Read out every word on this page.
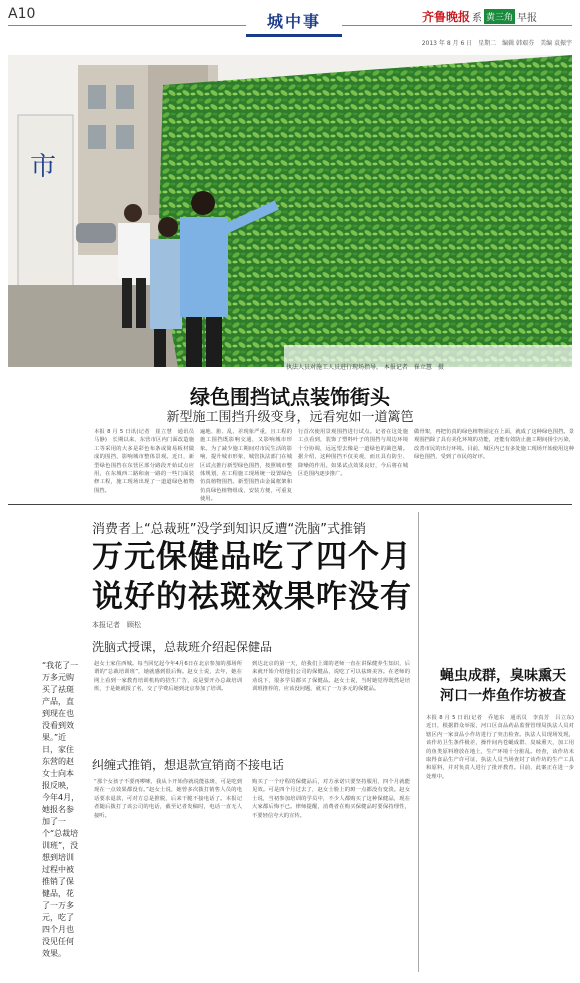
A10	城中事	齐鲁晚报 系 黄三角 早报
2013 年 8 月 6 日　星期二　编辑 韩艰芬　美编 袁振宇
市
执法人员对施工人员进行现场指导。 本报记者　崔立慧　摄
绿色围挡试点装饰街头
新型施工围挡升级变身，远看宛如一道篱笆
本报 8 月 5 日讯(记者　崔立慧　通讯员　马静)　长期以来，东营市区内门面改造施工等采用的大多是彩色布条或简易板材做成的围挡，影响城市整体景观。近日，新型绿色围挡在东营区部分路段开始试点应用，在东城西二路和南一路的一些门面装修工程，施工现场出现了一道道绿色植物围挡。
遍地、脏、乱、差现象严重，且工程的施工围挡既影响交通，又影响城市形象。为了减少施工期间对市民生活的影响，提升城市形象，城管执法部门在城区试点推行新型绿色围挡，按照城市整体规划，在工程施工现场统一设置绿色仿真植物围挡。新型围挡由金属框架和仿真绿色植物组成，安装方便，可重复使用。
行首次使用景观围挡进行试点。记者在这处施工点看到，装饰了塑料叶子的围挡与周边环境十分协调，远远望去像是一道绿色的篱笆墙。据介绍，这种围挡不仅美观，而且具有防尘、降噪的作用。如果试点效果良好，今后将在城区范围内逐步推广。
做骨架，再把仿真的绿色植物固定在上面，就成了这种绿色围挡。景观围挡除了具有美化环境的功能，还能有效防止施工期间扬尘污染，改善市民的出行环境。目前，城区内已有多处施工现场开始使用这种绿色围挡，受到了市民的好评。
消费者上“总裁班”没学到知识反遭“洗脑”式推销
万元保健品吃了四个月
说好的祛斑效果咋没有
本报记者　顾松
洗脑式授课，总裁班介绍起保健品
“我花了一万多元购买了祛斑产品，直到现在也没看到效果。”近日，家住东营的赵女士向本报反映，今年4月，她报名参加了一个“总裁培训班”，没想到培训过程中被推销了保健品，花了一万多元，吃了四个月也没见任何效果。
赵女士家住西城。每当回忆起今年4月6日在北京参加的那场所谓的“总裁培训班”，她就感到很后悔。赵女士说，去年，她在网上看到一家教育培训机构的招生广告，说是要开办总裁培训班，于是她就报了名，交了学费后她到北京参加了培训。
到达北京的第一天，给我们上课的老师一直在讲保健养生知识，后来就开始介绍他们公司的保健品，说吃了可以祛斑美容。在老师的劝说下，很多学员都买了保健品。赵女士说，当时她觉得既然是培训班推荐的，应该没问题，就买了一万多元的保健品。
纠缠式推销，想退款宣销商不接电话
“那个女孩子不要再啰嗦，我从卜开始你就说能祛斑，可是吃到现在一点效果都没有。”赵女士说，她曾多次拨打销售人员的电话要求退款，可对方总是推脱，后来干脆不接电话了。本报记者随后拨打了该公司的电话，截至记者发稿时，电话一直无人接听。
购买了一个疗程的保健品后，对方承诺只要坚持服用，四个月就能见效。可是四个月过去了，赵女士脸上的斑一点都没有变淡。赵女士说，当初参加培训的学员中，不少人都购买了这种保健品，现在大家都后悔不已。律师提醒，消费者在购买保健品时要保持理性，不要轻信夸大的宣传。
蝇虫成群，臭味熏天
河口一炸鱼作坊被查
本报 8 月 5 日讯(记者　乔旭东　通讯员　李真芳　吕立东)　近日，根据群众举报，河口区食品药品监督管理局执法人员对辖区内一家食品小作坊进行了突击检查。执法人员现场发现，该作坊卫生条件极差，操作间内苍蝇成群、臭味熏天，加工用的鱼类原料堆放在地上，生产环境十分脏乱。经查，该作坊未取得食品生产许可证，执法人员当场查封了该作坊的生产工具和原料，并对负责人进行了批评教育。目前，此案正在进一步处理中。
